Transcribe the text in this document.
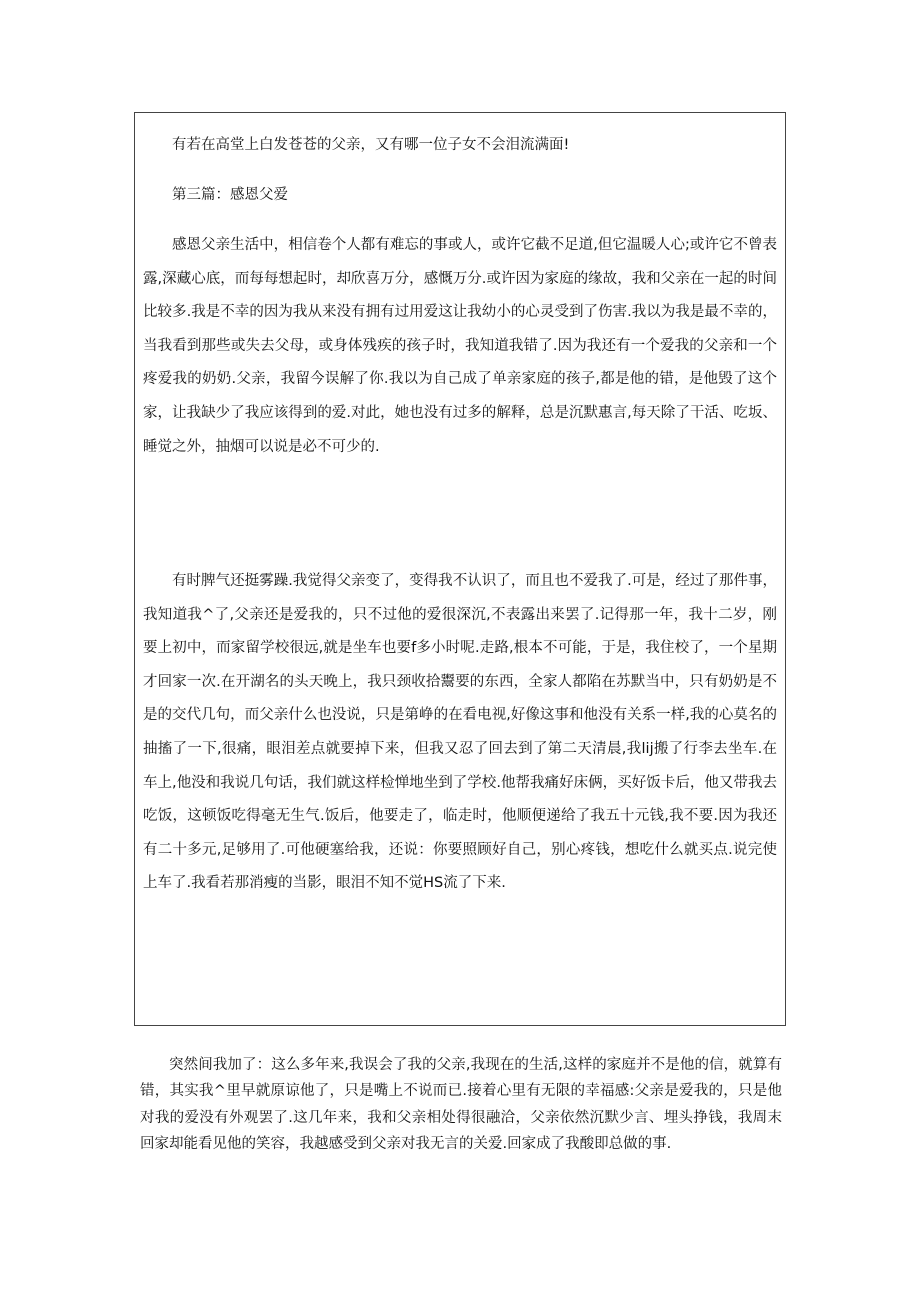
有若在高堂上白发苍苍的父亲，又有哪一位子女不会泪流满面!

第三篇：感恩父爱

感恩父亲生活中，相信卷个人都有难忘的事或人，或许它截不足道,但它温暖人心;或许它不曾表露,深藏心底，而每每想起时，却欣喜万分，感慨万分.或许因为家庭的缘故，我和父亲在一起的时间比较多.我是不幸的因为我从来没有拥有过用爱这让我幼小的心灵受到了伤害.我以为我是最不幸的，当我看到那些或失去父母，或身体残疾的孩子时，我知道我错了.因为我还有一个爱我的父亲和一个疼爱我的奶奶.父亲，我留今误解了你.我以为自己成了单亲家庭的孩子,都是他的错，是他毁了这个家，让我缺少了我应该得到的爱.对此，她也没有过多的解释，总是沉默惠言,每天除了干活、吃坂、睡觉之外，抽烟可以说是必不可少的.

有时脾气还挺雾躁.我觉得父亲变了，变得我不认识了，而且也不爱我了.可是，经过了那件事，我知道我^了,父亲还是爱我的，只不过他的爱很深沉,不表露出来罢了.记得那一年，我十二岁，刚要上初中，而家留学校很远,就是坐车也要f多小时呢.走路,根本不可能，于是，我住校了，一个星期才回家一次.在开湖名的头天晚上，我只颈收拾鬻要的东西，全家人都陷在苏默当中，只有奶奶是不是的交代几句，而父亲什么也没说，只是第峥的在看电视,好像这事和他没有关系一样,我的心莫名的抽搐了一下,很痛，眼泪差点就要掉下来，但我又忍了回去到了第二天清晨,我lij搬了行李去坐车.在车上,他没和我说几句话，我们就这样检惮地坐到了学校.他帮我痛好床俩，买好饭卡后，他又带我去吃饭，这顿饭吃得毫无生气.饭后，他要走了，临走时，他顺便递给了我五十元钱,我不要.因为我还有二十多元,足够用了.可他硬塞给我，还说：你要照顾好自己，别心疼钱，想吃什么就买点.说完使上车了.我看若那消瘦的当影，眼泪不知不觉HS流了下来.

突然间我加了：这么多年来,我误会了我的父亲,我现在的生活,这样的家庭并不是他的信，就算有错，其实我^里早就原谅他了，只是嘴上不说而已.接着心里有无限的幸福感:父亲是爱我的，只是他对我的爱没有外观罢了.这几年来，我和父亲相处得很融洽，父亲依然沉默少言、埋头挣钱，我周末回家却能看见他的笑容，我越感受到父亲对我无言的关爱.回家成了我酸即总做的事.
